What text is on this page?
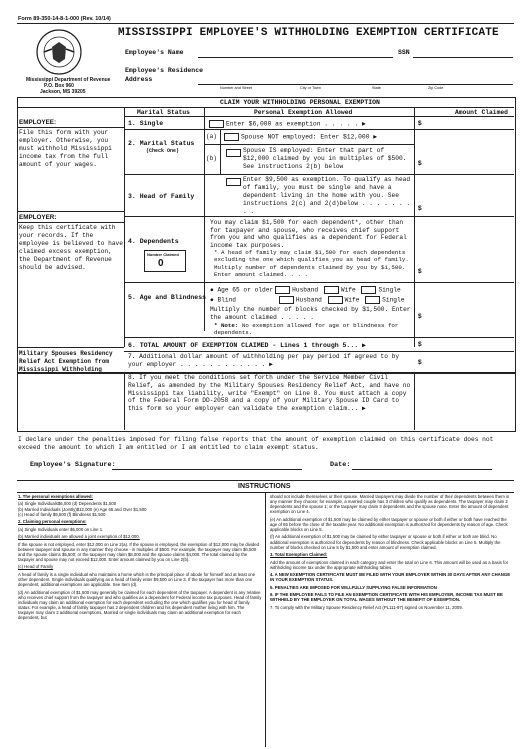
Form 89-350-14-8-1-000 (Rev. 10/14)
Mississippi Department of Revenue
P.O. Box 960
Jackson, MS 39205
MISSISSIPPI EMPLOYEE'S WITHHOLDING EXEMPTION CERTIFICATE
Employee's Name	SSN
Employee's Residence
Address
Number and Street	City or Town	State	Zip Code
CLAIM YOUR WITHHOLDING PERSONAL EXEMPTION
Marital Status	Personal Exemption Allowed	Amount Claimed
EMPLOYEE:
File this form with your employer. Otherwise, you must withhold Mississippi income tax from the full amount of your wages.
EMPLOYER:
Keep this certificate with your records. If the employee is believed to have claimed excess exemption, the Department of Revenue should be advised.
Military Spouses Residency Relief Act Exemption from Mississippi Withholding
1. Single	Enter $6,000 as exemption . . . . . ▶	$
2. Marital Status
(Check One)
(a)	Spouse NOT employed: Enter $12,000 ▶
(b)
Spouse IS employed: Enter that part of $12,000 claimed by you in multiples of $500. See instructions 2(b) below	$
3. Head of Family
Enter $9,500 as exemption. To qualify as head of family, you must be single and have a dependent living in the home with you. See instructions 2(c) and 2(d)below . . . . . . . . .	$
4. Dependents
Number Claimed
0
You may claim $1,500 for each dependent*, other than for taxpayer and spouse, who receives chief support from you and who qualifies as a dependent for Federal income tax purposes.
* A head of family may claim $1,500 for each dependents excluding the one which qualifies you as head of family. Multiply number of dependents claimed by you by $1,500. Enter amount claimed. . . .	$
5. Age and Blindness
● Age 65 or older	Husband	Wife	Single
● Blind	Husband	Wife	Single
Multiply the number of blocks checked by $1,500. Enter the amount claimed . . . . .
* Note: No exemption allowed for age or blindness for dependents.
$
6. TOTAL AMOUNT OF EXEMPTION CLAIMED - Lines 1 through 5... ▶	$
7. Additional dollar amount of withholding per pay period if agreed to by your employer . . . . . . . . . . . . ▶	$
8. If you meet the conditions set forth under the Service Member Civil Relief, as amended by the Military Spouses Residency Relief Act, and have no Mississippi tax liability, write "Exempt" on Line 8. You must attach a copy of the Federal Form DD-2058 and a copy of your Military Spouse ID Card to this form so your employer can validate the exemption claim... ▶
I declare under the penalties imposed for filing false reports that the amount of exemption claimed on this certificate does not exceed the amount to which I am entitled or I am entitled to claim exempt status.
Employee's Signature:	Date:
INSTRUCTIONS
1. The personal exemptions allowed:
(a) Single Individuals$6,000 (d) Dependents $1,500
(b) Married Individuals (Jointly)$12,000 (e) Age 65 and Over $1,500
(c) Head of family $9,500 (f) Blindness $1,500
2. Claiming personal exemptions:
(a) Single Individuals enter $6,000 on Line 1.
(b) Married individuals are allowed a joint exemption of $12,000.
If the spouse is not employed, enter $12,000 on Line 2(a). If the spouse is employed, the exemption of $12,000 may be divided between taxpayer and spouse in any manner they choose - in multiples of $500. For example, the taxpayer may claim $6,500 and the spouse claims $5,500; or the taxpayer may claim $8,000 and the spouse claims $4,000. The total claimed by the taxpayer and spouse may not exceed $12,000. Enter amount claimed by you on Line 2(b).
(c) Head of Family
A head of family is a single individual who maintains a home which is the principal place of abode for himself and at least one other dependent. Single individuals qualifying as a head of family enter $9,500 on Line 3. If the taxpayer has more than one dependent, additional exemptions are applicable. See Item (d).
(d) An additional exemption of $1,500 may generally be claimed for each dependent of the taxpayer. A dependent is any relative who receives chief support from the taxpayer and who qualifies as a dependent for Federal income tax purposes. Head of family individuals may claim an additional exemption for each dependent excluding the one which qualifies you for head of family status. For example, a head of family taxpayer has 2 dependent children and his dependent mother living with him. The taxpayer may claim 2 additional exemptions. Married or single individuals may claim an additional exemption for each dependent, but
should not include themselves or their spouse. Married taxpayers may divide the number of their dependents between them in any manner they choose; for example, a married couple has 3 children who qualify as dependents. The taxpayer may claim 2 dependents and the spouse 1; or the taxpayer may claim 3 dependents and the spouse none. Enter the amount of dependent exemption on Line 4.
(e) An additional exemption of $1,500 may be claimed by either taxpayer or spouse or both if either or both have reached the age of 65 before the close of the taxable year. No additional exemption is authorized for dependents by reason of age. Check applicable blocks on Line 5.
(f) An additional exemption of $1,500 may be claimed by either taxpayer or spouse or both if either or both are blind. No additional exemption is authorized for dependents by reason of blindness. Check applicable blocks on Line 5. Multiply the number of blocks checked on Line 5 by $1,500 and enter amount of exemption claimed.
3. Total Exemption Claimed:
Add the amount of exemptions claimed in each category and enter the total on Line 6. This amount will be used as a basis for withholding income tax under the appropriate withholding tables.
4. A NEW EXEMPTION CERTIFICATE MUST BE FILED WITH YOUR EMPLOYER WITHIN 30 DAYS AFTER ANY CHANGE IN YOUR EXEMPTION STATUS.
5. PENALTIES ARE IMPOSED FOR WILLFULLY SUPPLYING FALSE INFORMATION
6. IF THE EMPLOYEE FAILS TO FILE AN EXEMPTION CERTIFICATE WITH HIS EMPLOYER, INCOME TAX MUST BE WITHHELD BY THE EMPLOYER ON TOTAL WAGES WITHOUT THE BENEFIT OF EXEMPTION.
7. To comply with the Military Spouse Residency Relief Act (PL111-97) signed on November 11, 2009.
